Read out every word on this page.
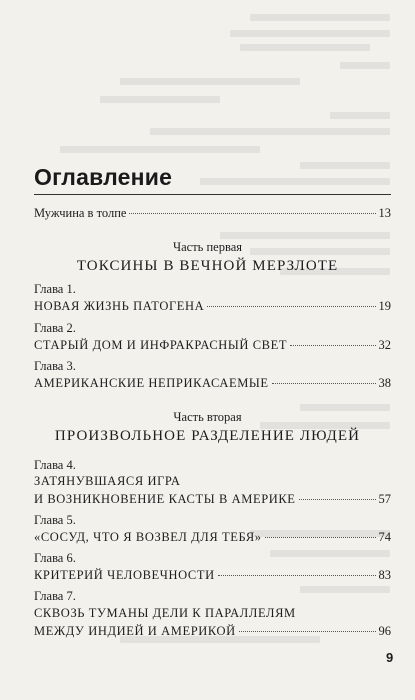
Оглавление
Мужчина в толпе	13
Часть первая
ТОКСИНЫ В ВЕЧНОЙ МЕРЗЛОТЕ
Глава 1.
НОВАЯ ЖИЗНЬ ПАТОГЕНА	19
Глава 2.
СТАРЫЙ ДОМ И ИНФРАКРАСНЫЙ СВЕТ	32
Глава 3.
АМЕРИКАНСКИЕ НЕПРИКАСАЕМЫЕ	38
Часть вторая
ПРОИЗВОЛЬНОЕ РАЗДЕЛЕНИЕ ЛЮДЕЙ
Глава 4.
ЗАТЯНУВШАЯСЯ ИГРА
И ВОЗНИКНОВЕНИЕ КАСТЫ В АМЕРИКЕ	57
Глава 5.
«СОСУД, ЧТО Я ВОЗВЕЛ ДЛЯ ТЕБЯ»	74
Глава 6.
КРИТЕРИЙ ЧЕЛОВЕЧНОСТИ	83
Глава 7.
СКВОЗЬ ТУМАНЫ ДЕЛИ К ПАРАЛЛЕЛЯМ
МЕЖДУ ИНДИЕЙ И АМЕРИКОЙ	96
9
